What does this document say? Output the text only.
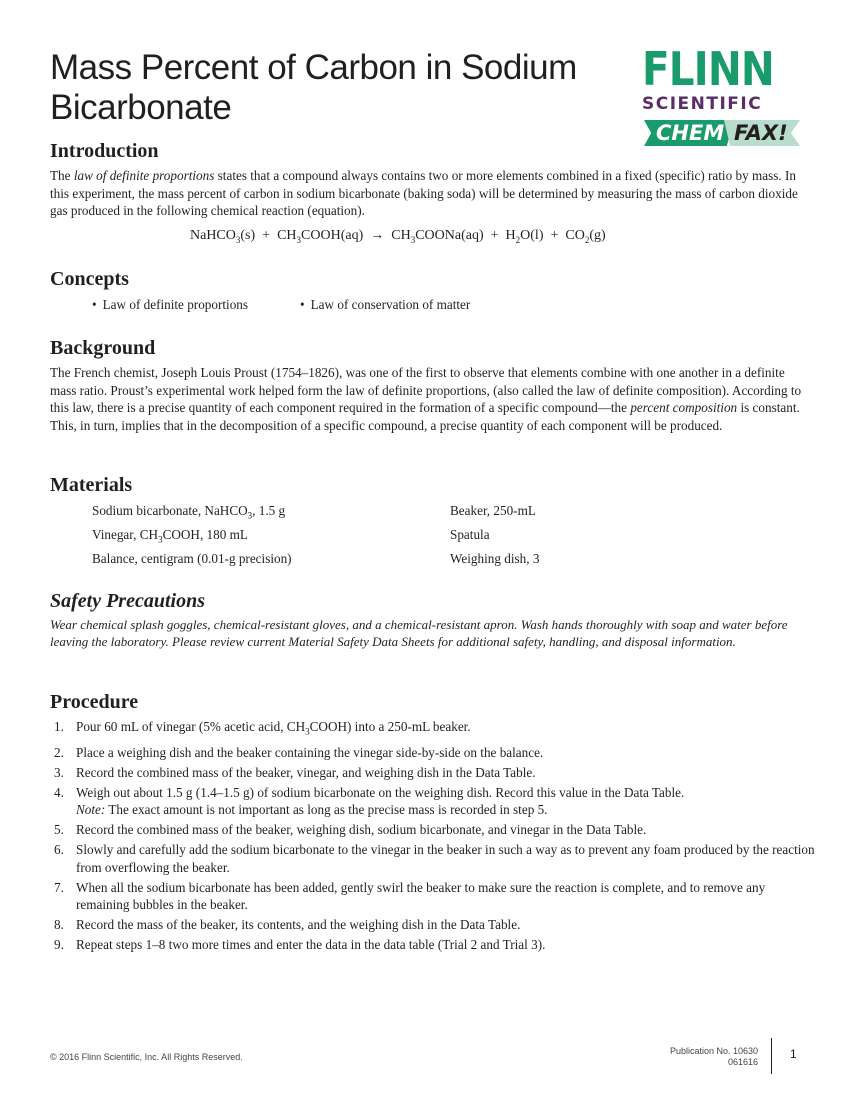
Mass Percent of Carbon in Sodium Bicarbonate
FLINN
SCIENTIFIC
CHEM FAX!
Introduction

The law of definite proportions states that a compound always contains two or more elements combined in a fixed (specific) ratio by mass. In this experiment, the mass percent of carbon in sodium bicarbonate (baking soda) will be determined by measuring the mass of carbon dioxide gas produced in the following chemical reaction (equation).

NaHCO$_3$(s) + $CH_3COOH(aq)$ → $CH_3COONa(aq) + H_2O(l) + CO_2(g)$
Concepts
• Law of definite proportions	• Law of conservation of matter
Background

The French chemist, Joseph Louis Proust (1754–1826), was one of the first to observe that elements combine with one another in a definite mass ratio. Proust’s experimental work helped form the law of definite proportions, (also called the law of definite composition). According to this law, there is a precise quantity of each component required in the formation of a specific compound—the percent composition is constant. This, in turn, implies that in the decomposition of a specific compound, a precise quantity of each component will be produced.

Materials
Sodium bicarbonate, NaHCO$_3$, 1.5 g
Vinegar, $CH_3COOH$, 180 mL
Balance, centigram (0.01-g precision)
Beaker, 250-mL
Spatula
Weighing dish, 3
Safety Precautions

Wear chemical splash goggles, chemical-resistant gloves, and a chemical-resistant apron. Wash hands thoroughly with soap and water before leaving the laboratory. Please review current Material Safety Data Sheets for additional safety, handling, and disposal information.

Procedure
1. Pour 60 mL of vinegar (5% acetic acid, $CH_3COOH$) into a 250-mL beaker.
2. Place a weighing dish and the beaker containing the vinegar side-by-side on the balance.
3. Record the combined mass of the beaker, vinegar, and weighing dish in the Data Table.
4. Weigh out about 1.5 g (1.4–1.5 g) of sodium bicarbonate on the weighing dish. Record this value in the Data Table.
Note: The exact amount is not important as long as the precise mass is recorded in step 5.
5. Record the combined mass of the beaker, weighing dish, sodium bicarbonate, and vinegar in the Data Table.
6. Slowly and carefully add the sodium bicarbonate to the vinegar in the beaker in such a way as to prevent any foam produced by the reaction from overflowing the beaker.
7. When all the sodium bicarbonate has been added, gently swirl the beaker to make sure the reaction is complete, and to remove any remaining bubbles in the beaker.
8. Record the mass of the beaker, its contents, and the weighing dish in the Data Table.
9. Repeat steps 1–8 two more times and enter the data in the data table (Trial 2 and Trial 3).
© 2016 Flinn Scientific, Inc. All Rights Reserved.
Publication No. 10630
061616
1
